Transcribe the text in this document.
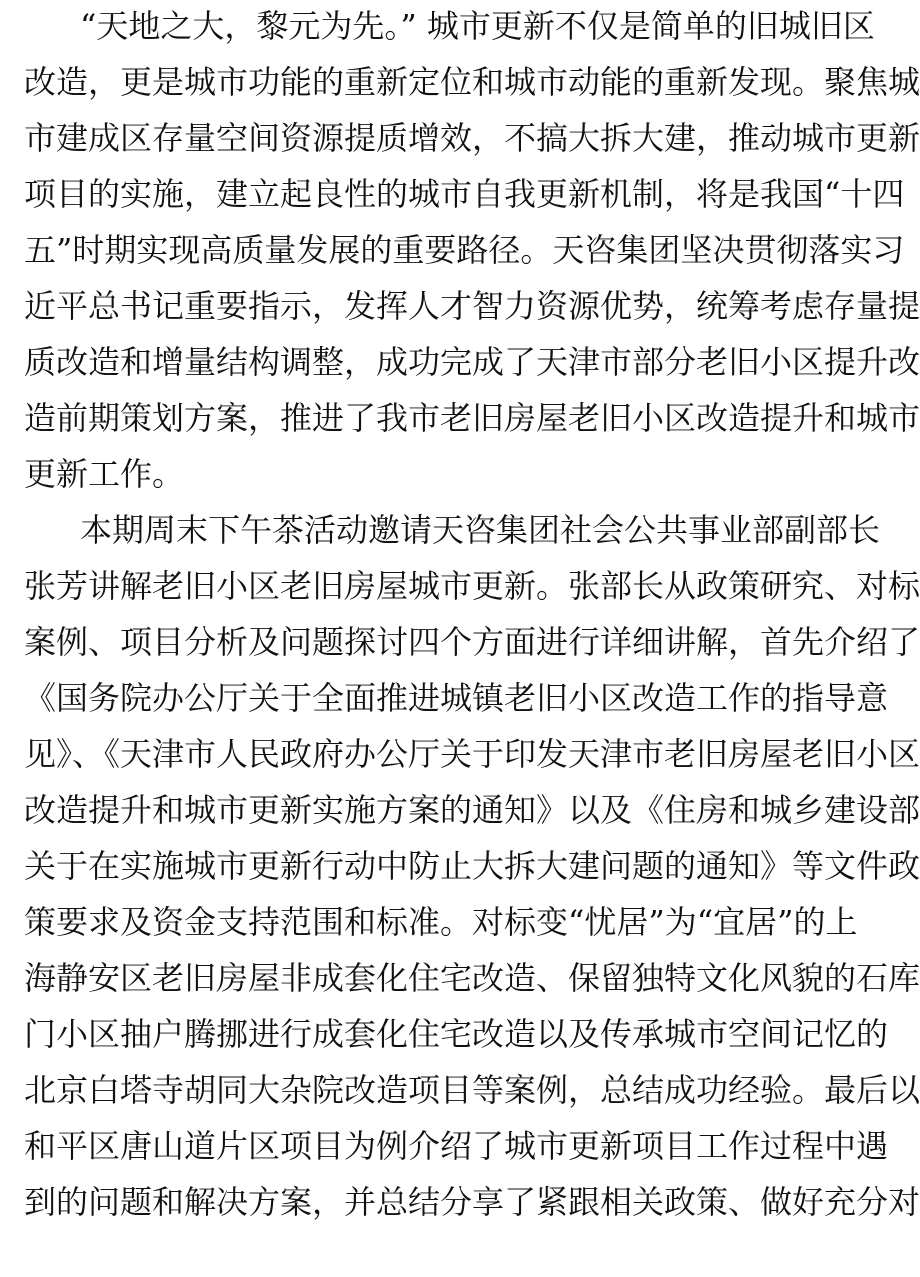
“天地之大，黎元为先。” 城市更新不仅是简单的旧城旧区
改造，更是城市功能的重新定位和城市动能的重新发现。聚焦城
市建成区存量空间资源提质增效，不搞大拆大建，推动城市更新
项目的实施，建立起良性的城市自我更新机制，将是我国“十四
五”时期实现高质量发展的重要路径。天咨集团坚决贯彻落实习
近平总书记重要指示，发挥人才智力资源优势，统筹考虑存量提
质改造和增量结构调整，成功完成了天津市部分老旧小区提升改
造前期策划方案，推进了我市老旧房屋老旧小区改造提升和城市
更新工作。
本期周末下午茶活动邀请天咨集团社会公共事业部副部长
张芳讲解老旧小区老旧房屋城市更新。张部长从政策研究、对标
案例、项目分析及问题探讨四个方面进行详细讲解，首先介绍了
《国务院办公厅关于全面推进城镇老旧小区改造工作的指导意
见》、《天津市人民政府办公厅关于印发天津市老旧房屋老旧小区
改造提升和城市更新实施方案的通知》以及《住房和城乡建设部
关于在实施城市更新行动中防止大拆大建问题的通知》等文件政
策要求及资金支持范围和标准。对标变“忧居”为“宜居”的上
海静安区老旧房屋非成套化住宅改造、保留独特文化风貌的石库
门小区抽户腾挪进行成套化住宅改造以及传承城市空间记忆的
北京白塔寺胡同大杂院改造项目等案例，总结成功经验。最后以
和平区唐山道片区项目为例介绍了城市更新项目工作过程中遇
到的问题和解决方案，并总结分享了紧跟相关政策、做好充分对
